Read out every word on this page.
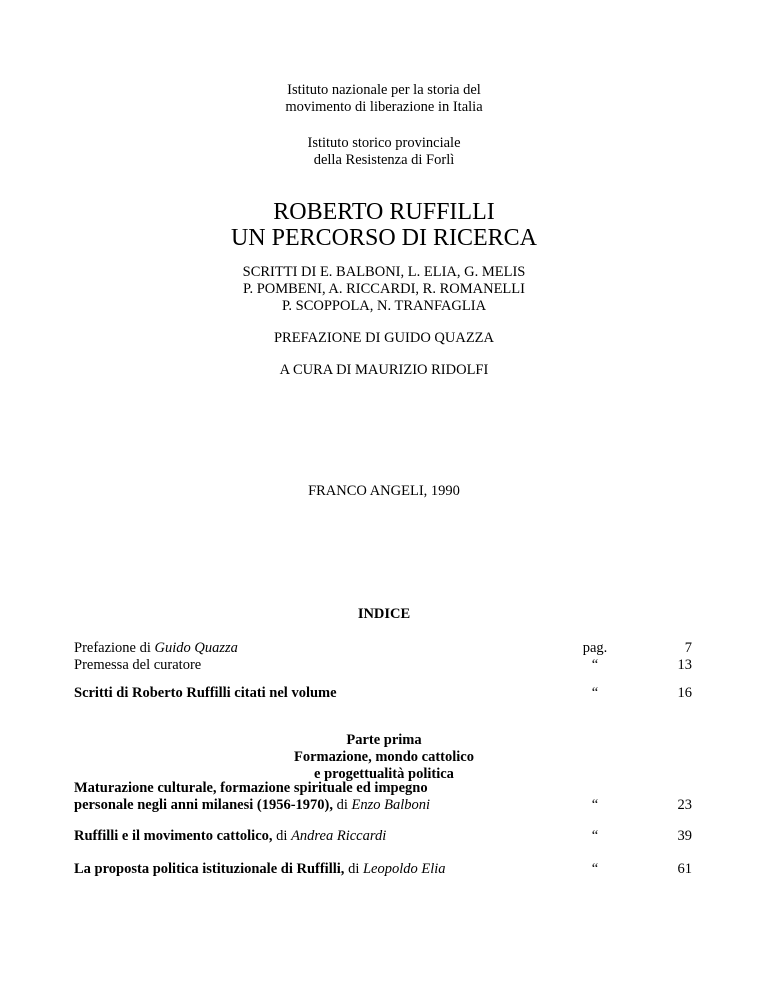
Istituto nazionale per la storia del
movimento di liberazione in Italia
Istituto storico provinciale
della Resistenza di Forlì
ROBERTO RUFFILLI
UN PERCORSO DI RICERCA
SCRITTI DI E. BALBONI, L. ELIA, G. MELIS
P. POMBENI, A. RICCARDI, R. ROMANELLI
P. SCOPPOLA, N. TRANFAGLIA
PREFAZIONE DI GUIDO QUAZZA
A CURA DI MAURIZIO RIDOLFI
FRANCO ANGELI, 1990
INDICE
Prefazione di Guido Quazza	pag.	7
Premessa del curatore	“	13
Scritti di Roberto Ruffilli citati nel volume	“	16
Parte prima
Formazione, mondo cattolico
e progettualità politica
Maturazione culturale, formazione spirituale ed impegno
personale negli anni milanesi (1956-1970), di Enzo Balboni	“	23
Ruffilli e il movimento cattolico, di Andrea Riccardi	“	39
La proposta politica istituzionale di Ruffilli, di Leopoldo Elia	“	61
